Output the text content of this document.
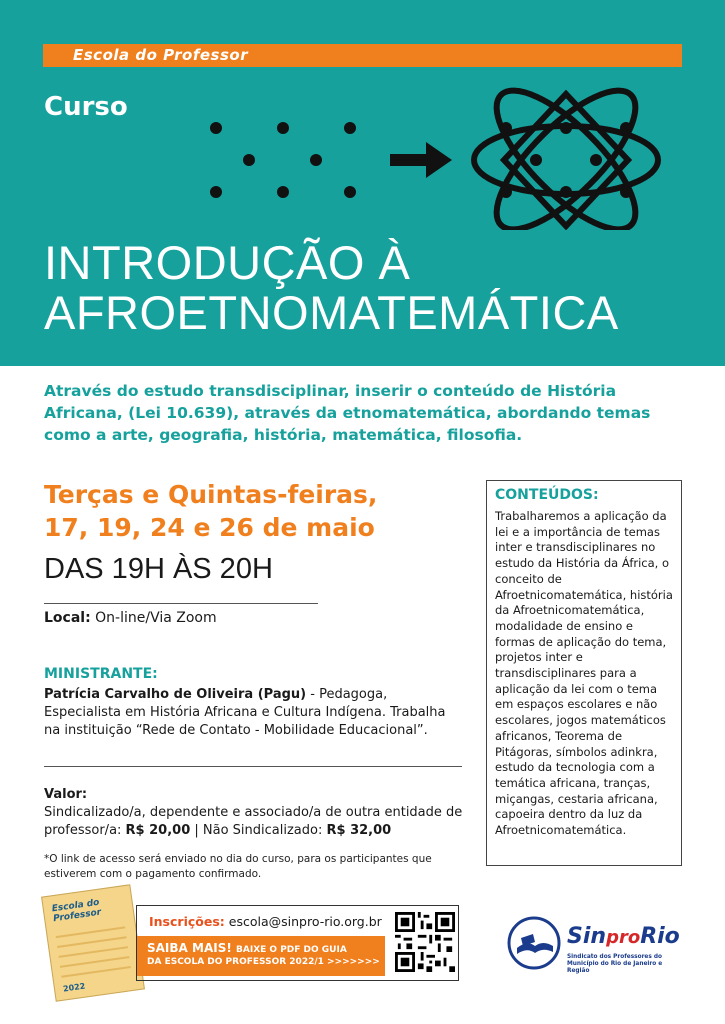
Escola do Professor
Curso
INTRODUÇÃO À
AFROETNOMATEMÁTICA
Através do estudo transdisciplinar, inserir o conteúdo de História Africana, (Lei 10.639), através da etnomatemática, abordando temas como a arte, geografia, história, matemática, filosofia.
Terças e Quintas-feiras,
17, 19, 24 e 26 de maio
DAS 19H ÀS 20H
Local: On-line/Via Zoom
MINISTRANTE:
Patrícia Carvalho de Oliveira (Pagu) - Pedagoga, Especialista em História Africana e Cultura Indígena. Trabalha na instituição “Rede de Contato - Mobilidade Educacional”.
Valor:
Sindicalizado/a, dependente e associado/a de outra entidade de professor/a: R$ 20,00 | Não Sindicalizado: R$ 32,00
*O link de acesso será enviado no dia do curso, para os participantes que estiverem com o pagamento confirmado.
CONTEÚDOS:

Trabalharemos a aplicação da lei e a importância de temas inter e transdisciplinares no estudo da História da África, o conceito de Afroetnicomatemática, história da Afroetnicomatemática, modalidade de ensino e formas de aplicação do tema, projetos inter e transdisciplinares para a aplicação da lei com o tema em espaços escolares e não escolares, jogos matemáticos africanos, Teorema de Pitágoras, símbolos adinkra, estudo da tecnologia com a temática africana, tranças, miçangas, cestaria africana, capoeira dentro da luz da Afroetnicomatemática.

Escola do Professor
2022
Inscrições: escola@sinpro-rio.org.br
SAIBA MAIS! BAIXE O PDF DO GUIA
DA ESCOLA DO PROFESSOR 2022/1 >>>>>>>
SinproRio
Sindicato dos Professores do Município do Rio de Janeiro e Região
